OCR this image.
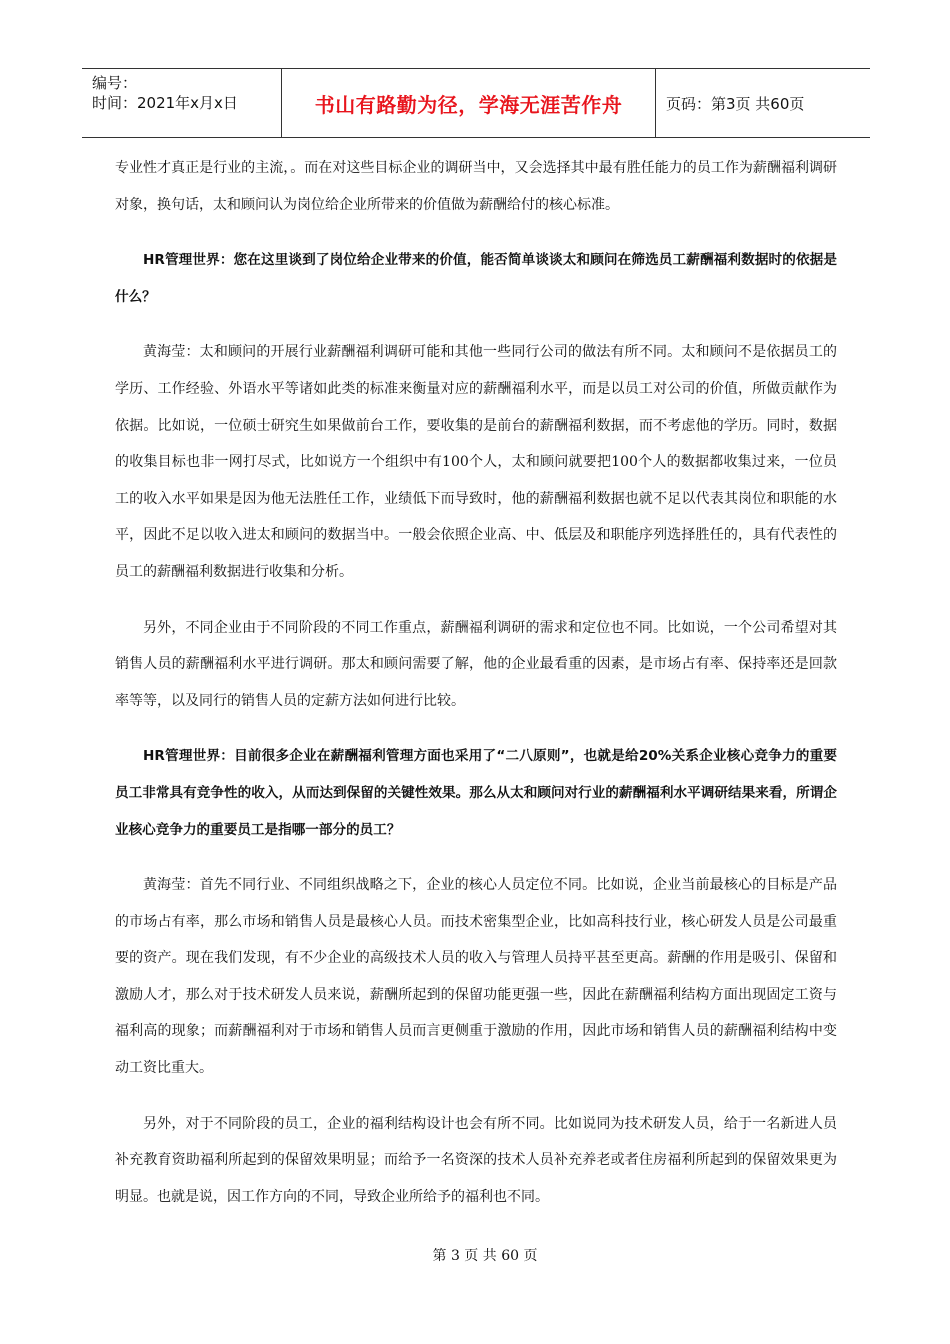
编号：
时间：2021年x月x日	书山有路勤为径，学海无涯苦作舟	页码：第3页 共60页

专业性才真正是行业的主流，。而在对这些目标企业的调研当中，又会选择其中最有胜任能力的员工作为薪酬福利调研对象，换句话，太和顾问认为岗位给企业所带来的价值做为薪酬给付的核心标准。

HR管理世界：您在这里谈到了岗位给企业带来的价值，能否简单谈谈太和顾问在筛选员工薪酬福利数据时的依据是什么？

黄海莹：太和顾问的开展行业薪酬福利调研可能和其他一些同行公司的做法有所不同。太和顾问不是依据员工的学历、工作经验、外语水平等诸如此类的标准来衡量对应的薪酬福利水平，而是以员工对公司的价值，所做贡献作为依据。比如说，一位硕士研究生如果做前台工作，要收集的是前台的薪酬福利数据，而不考虑他的学历。同时，数据的收集目标也非一网打尽式，比如说方一个组织中有100个人，太和顾问就要把100个人的数据都收集过来，一位员工的收入水平如果是因为他无法胜任工作，业绩低下而导致时，他的薪酬福利数据也就不足以代表其岗位和职能的水平，因此不足以收入进太和顾问的数据当中。一般会依照企业高、中、低层及和职能序列选择胜任的，具有代表性的员工的薪酬福利数据进行收集和分析。

另外，不同企业由于不同阶段的不同工作重点，薪酬福利调研的需求和定位也不同。比如说，一个公司希望对其销售人员的薪酬福利水平进行调研。那太和顾问需要了解，他的企业最看重的因素，是市场占有率、保持率还是回款率等等，以及同行的销售人员的定薪方法如何进行比较。

HR管理世界：目前很多企业在薪酬福利管理方面也采用了“二八原则”，也就是给20%关系企业核心竞争力的重要员工非常具有竞争性的收入，从而达到保留的关键性效果。那么从太和顾问对行业的薪酬福利水平调研结果来看，所谓企业核心竞争力的重要员工是指哪一部分的员工？

黄海莹：首先不同行业、不同组织战略之下，企业的核心人员定位不同。比如说，企业当前最核心的目标是产品的市场占有率，那么市场和销售人员是最核心人员。而技术密集型企业，比如高科技行业，核心研发人员是公司最重要的资产。现在我们发现，有不少企业的高级技术人员的收入与管理人员持平甚至更高。薪酬的作用是吸引、保留和激励人才，那么对于技术研发人员来说，薪酬所起到的保留功能更强一些，因此在薪酬福利结构方面出现固定工资与福利高的现象；而薪酬福利对于市场和销售人员而言更侧重于激励的作用，因此市场和销售人员的薪酬福利结构中变动工资比重大。

另外，对于不同阶段的员工，企业的福利结构设计也会有所不同。比如说同为技术研发人员，给于一名新进人员补充教育资助福利所起到的保留效果明显；而给予一名资深的技术人员补充养老或者住房福利所起到的保留效果更为明显。也就是说，因工作方向的不同，导致企业所给予的福利也不同。

第 3 页 共 60 页
